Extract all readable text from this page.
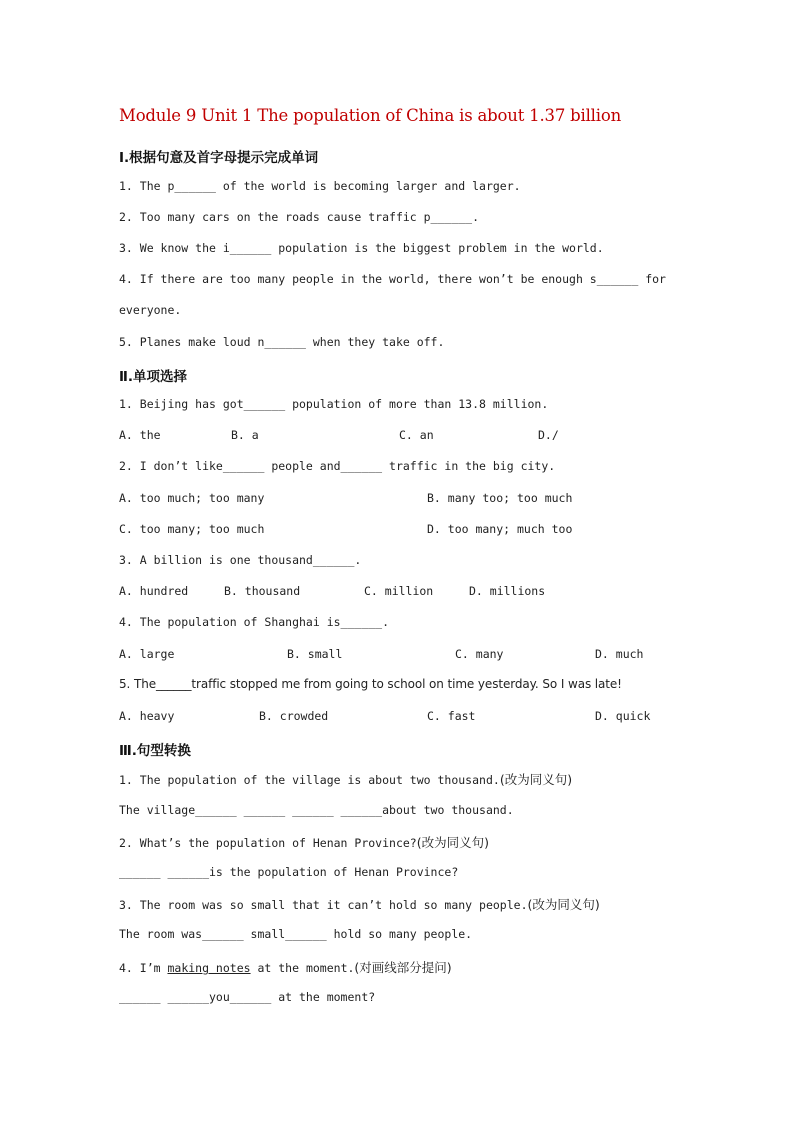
Module 9 Unit 1 The population of China is about 1.37 billion
Ⅰ.根据句意及首字母提示完成单词
1. The p______ of the world is becoming larger and larger.
2. Too many cars on the roads cause traffic p______.
3. We know the i______ population is the biggest problem in the world.
4. If there are too many people in the world, there won’t be enough s______ for
everyone.
5. Planes make loud n______ when they take off.
Ⅱ.单项选择
1. Beijing has got______ population of more than 13.8 million.
A. the	B. a	C. an	D./
2. I don’t like______ people and______ traffic in the big city.
A. too much; too many	B. many too; too much
C. too many; too much	D. too many; much too
3. A billion is one thousand______.
A. hundred	B. thousand	C. million	D. millions
4. The population of Shanghai is______.
A. large	B. small	C. many	D. much
5. The______traffic stopped me from going to school on time yesterday. So I was late!
A. heavy	B. crowded	C. fast	D. quick
Ⅲ.句型转换
1. The population of the village is about two thousand.(改为同义句)
The village______ ______ ______ ______about two thousand.
2. What’s the population of Henan Province?(改为同义句)
______ ______is the population of Henan Province?
3. The room was so small that it can’t hold so many people.(改为同义句)
The room was______ small______ hold so many people.
4. I’m making notes at the moment.(对画线部分提问)
______ ______you______ at the moment?
